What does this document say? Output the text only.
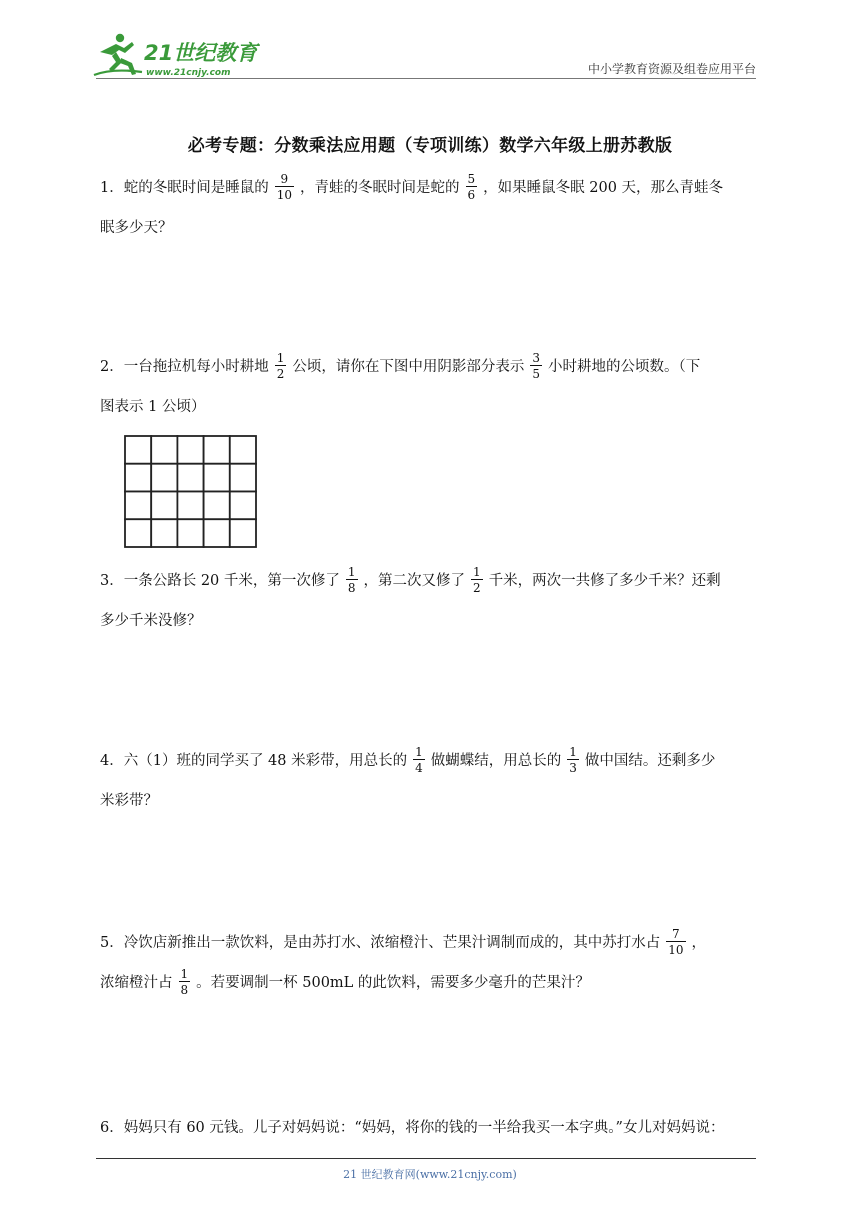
21世纪教育
www.21cnjy.com	中小学教育资源及组卷应用平台
必考专题：分数乘法应用题（专项训练）数学六年级上册苏教版
1．蛇的冬眠时间是睡鼠的 $\frac{9}{10}$ ，青蛙的冬眠时间是蛇的 $\frac{5}{6}$ ，如果睡鼠冬眠 200 天，那么青蛙冬
眠多少天？
2．一台拖拉机每小时耕地 $\frac{1}{2}$ 公顷，请你在下图中用阴影部分表示 $\frac{3}{5}$ 小时耕地的公顷数。（下
图表示 1 公顷）
3．一条公路长 20 千米，第一次修了 $\frac{1}{8}$ ，第二次又修了 $\frac{1}{2}$ 千米，两次一共修了多少千米？还剩
多少千米没修？
4．六（1）班的同学买了 48 米彩带，用总长的 $\frac{1}{4}$ 做蝴蝶结，用总长的 $\frac{1}{3}$ 做中国结。还剩多少
米彩带？
5．冷饮店新推出一款饮料，是由苏打水、浓缩橙汁、芒果汁调制而成的，其中苏打水占 $\frac{7}{10}$ ，
浓缩橙汁占 $\frac{1}{8}$ 。若要调制一杯 500mL 的此饮料，需要多少毫升的芒果汁？
6．妈妈只有 60 元钱。儿子对妈妈说：“妈妈，将你的钱的一半给我买一本字典。”女儿对妈妈说：
21 世纪教育网(www.21cnjy.com)
